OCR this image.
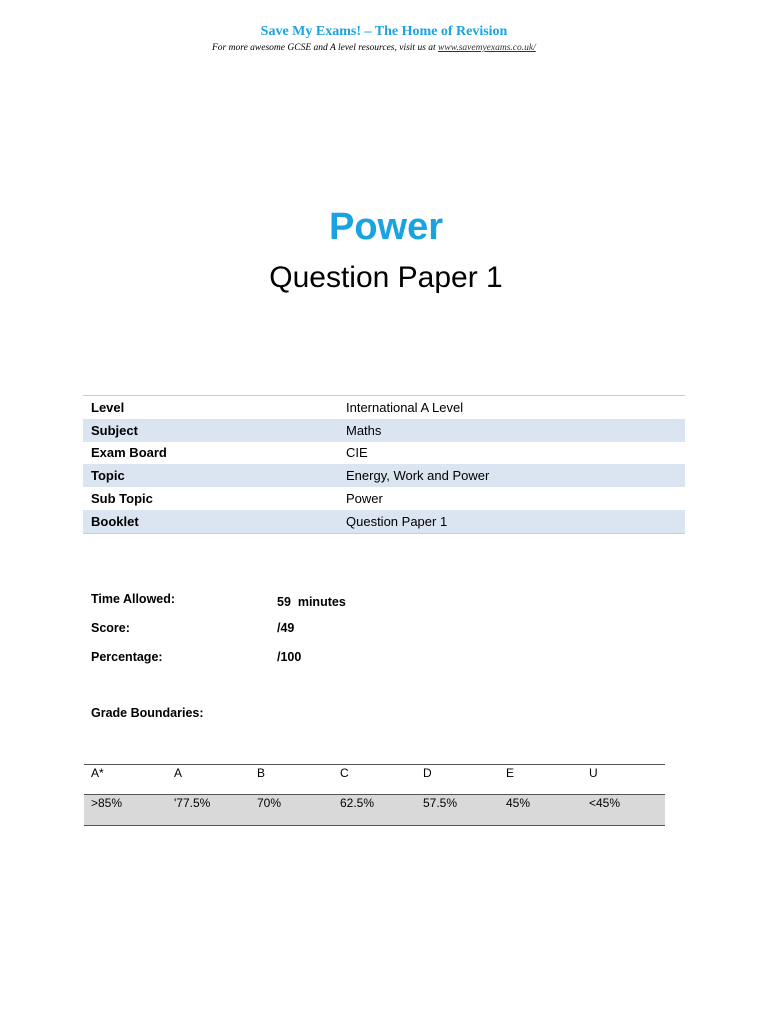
Save My Exams! – The Home of Revision
For more awesome GCSE and A level resources, visit us at www.savemyexams.co.uk/
Power
Question Paper 1
Level	International A Level
Subject	Maths
Exam Board	CIE
Topic	Energy, Work and Power
Sub Topic	Power
Booklet	Question Paper 1
Time Allowed:	59  minutes
Score:	/49
Percentage:	/100
Grade Boundaries:
A*	A	B	C	D	E	U
>85%	'77.5%	70%	62.5%	57.5%	45%	<45%
